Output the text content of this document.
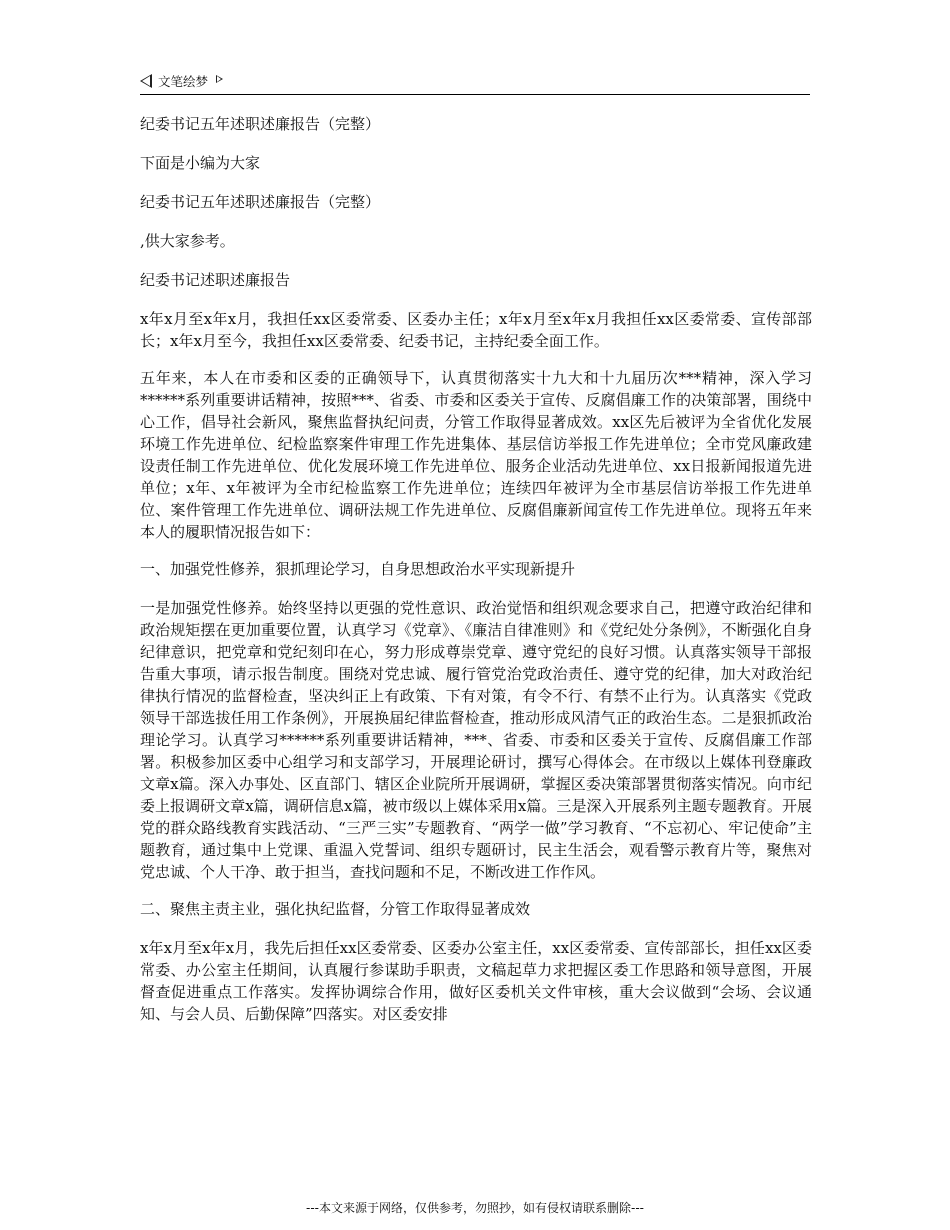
文笔绘梦

纪委书记五年述职述廉报告（完整）

下面是小编为大家

纪委书记五年述职述廉报告（完整）

,供大家参考。

纪委书记述职述廉报告

x年x月至x年x月，我担任xx区委常委、区委办主任；x年x月至x年x月我担任xx区委常委、宣传部部长；x年x月至今，我担任xx区委常委、纪委书记，主持纪委全面工作。

五年来，本人在市委和区委的正确领导下，认真贯彻落实十九大和十九届历次***精神，深入学习******系列重要讲话精神，按照***、省委、市委和区委关于宣传、反腐倡廉工作的决策部署，围绕中心工作，倡导社会新风，聚焦监督执纪问责，分管工作取得显著成效。xx区先后被评为全省优化发展环境工作先进单位、纪检监察案件审理工作先进集体、基层信访举报工作先进单位；全市党风廉政建设责任制工作先进单位、优化发展环境工作先进单位、服务企业活动先进单位、xx日报新闻报道先进单位；x年、x年被评为全市纪检监察工作先进单位；连续四年被评为全市基层信访举报工作先进单位、案件管理工作先进单位、调研法规工作先进单位、反腐倡廉新闻宣传工作先进单位。现将五年来本人的履职情况报告如下：

一、加强党性修养，狠抓理论学习，自身思想政治水平实现新提升

一是加强党性修养。始终坚持以更强的党性意识、政治觉悟和组织观念要求自己，把遵守政治纪律和政治规矩摆在更加重要位置，认真学习《党章》、《廉洁自律准则》和《党纪处分条例》，不断强化自身纪律意识，把党章和党纪刻印在心，努力形成尊崇党章、遵守党纪的良好习惯。认真落实领导干部报告重大事项，请示报告制度。围绕对党忠诚、履行管党治党政治责任、遵守党的纪律，加大对政治纪律执行情况的监督检查，坚决纠正上有政策、下有对策，有令不行、有禁不止行为。认真落实《党政领导干部选拔任用工作条例》，开展换届纪律监督检查，推动形成风清气正的政治生态。二是狠抓政治理论学习。认真学习******系列重要讲话精神，***、省委、市委和区委关于宣传、反腐倡廉工作部署。积极参加区委中心组学习和支部学习，开展理论研讨，撰写心得体会。在市级以上媒体刊登廉政文章x篇。深入办事处、区直部门、辖区企业院所开展调研，掌握区委决策部署贯彻落实情况。向市纪委上报调研文章x篇，调研信息x篇，被市级以上媒体采用x篇。三是深入开展系列主题专题教育。开展党的群众路线教育实践活动、“三严三实”专题教育、“两学一做”学习教育、“不忘初心、牢记使命”主题教育，通过集中上党课、重温入党誓词、组织专题研讨，民主生活会，观看警示教育片等，聚焦对党忠诚、个人干净、敢于担当，查找问题和不足，不断改进工作作风。

二、聚焦主责主业，强化执纪监督，分管工作取得显著成效

x年x月至x年x月，我先后担任xx区委常委、区委办公室主任，xx区委常委、宣传部部长，担任xx区委常委、办公室主任期间，认真履行参谋助手职责，文稿起草力求把握区委工作思路和领导意图，开展督查促进重点工作落实。发挥协调综合作用，做好区委机关文件审核，重大会议做到“会场、会议通知、与会人员、后勤保障”四落实。对区委安排

---本文来源于网络，仅供参考，勿照抄，如有侵权请联系删除---
